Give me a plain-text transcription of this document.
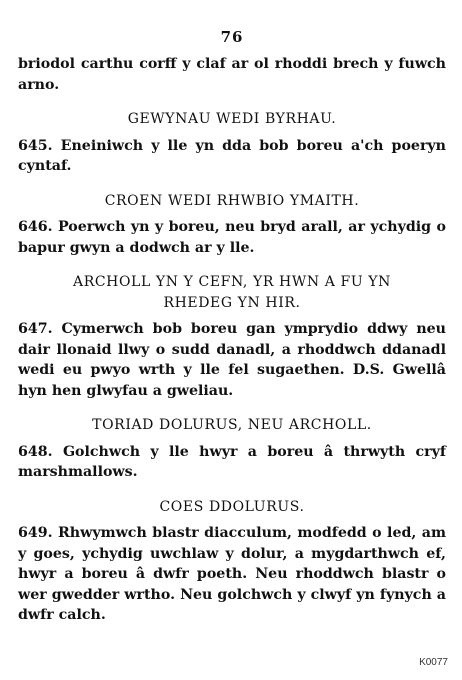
76

briodol carthu corff y claf ar ol rhoddi brech y fuwch arno.

GEWYNAU WEDI BYRHAU.

645. Eneiniwch y lle yn dda bob boreu a'ch poeryn cyntaf.

CROEN WEDI RHWBIO YMAITH.

646. Poerwch yn y boreu, neu bryd arall, ar ychydig o bapur gwyn a dodwch ar y lle.

ARCHOLL YN Y CEFN, YR HWN A FU YN
RHEDEG YN HIR.

647. Cymerwch bob boreu gan ymprydio ddwy neu dair llonaid llwy o sudd danadl, a rhoddwch ddanadl wedi eu pwyo wrth y lle fel sugaethen. D.S. Gwellâ hyn hen glwyfau a gweliau.

TORIAD DOLURUS, NEU ARCHOLL.

648. Golchwch y lle hwyr a boreu â thrwyth cryf marshmallows.

COES DDOLURUS.

649. Rhwymwch blastr diacculum, modfedd o led, am y goes, ychydig uwchlaw y dolur, a mygdarthwch ef, hwyr a boreu â dwfr poeth. Neu rhoddwch blastr o wer gwedder wrtho. Neu golchwch y clwyf yn fynych a dwfr calch.

K0077
